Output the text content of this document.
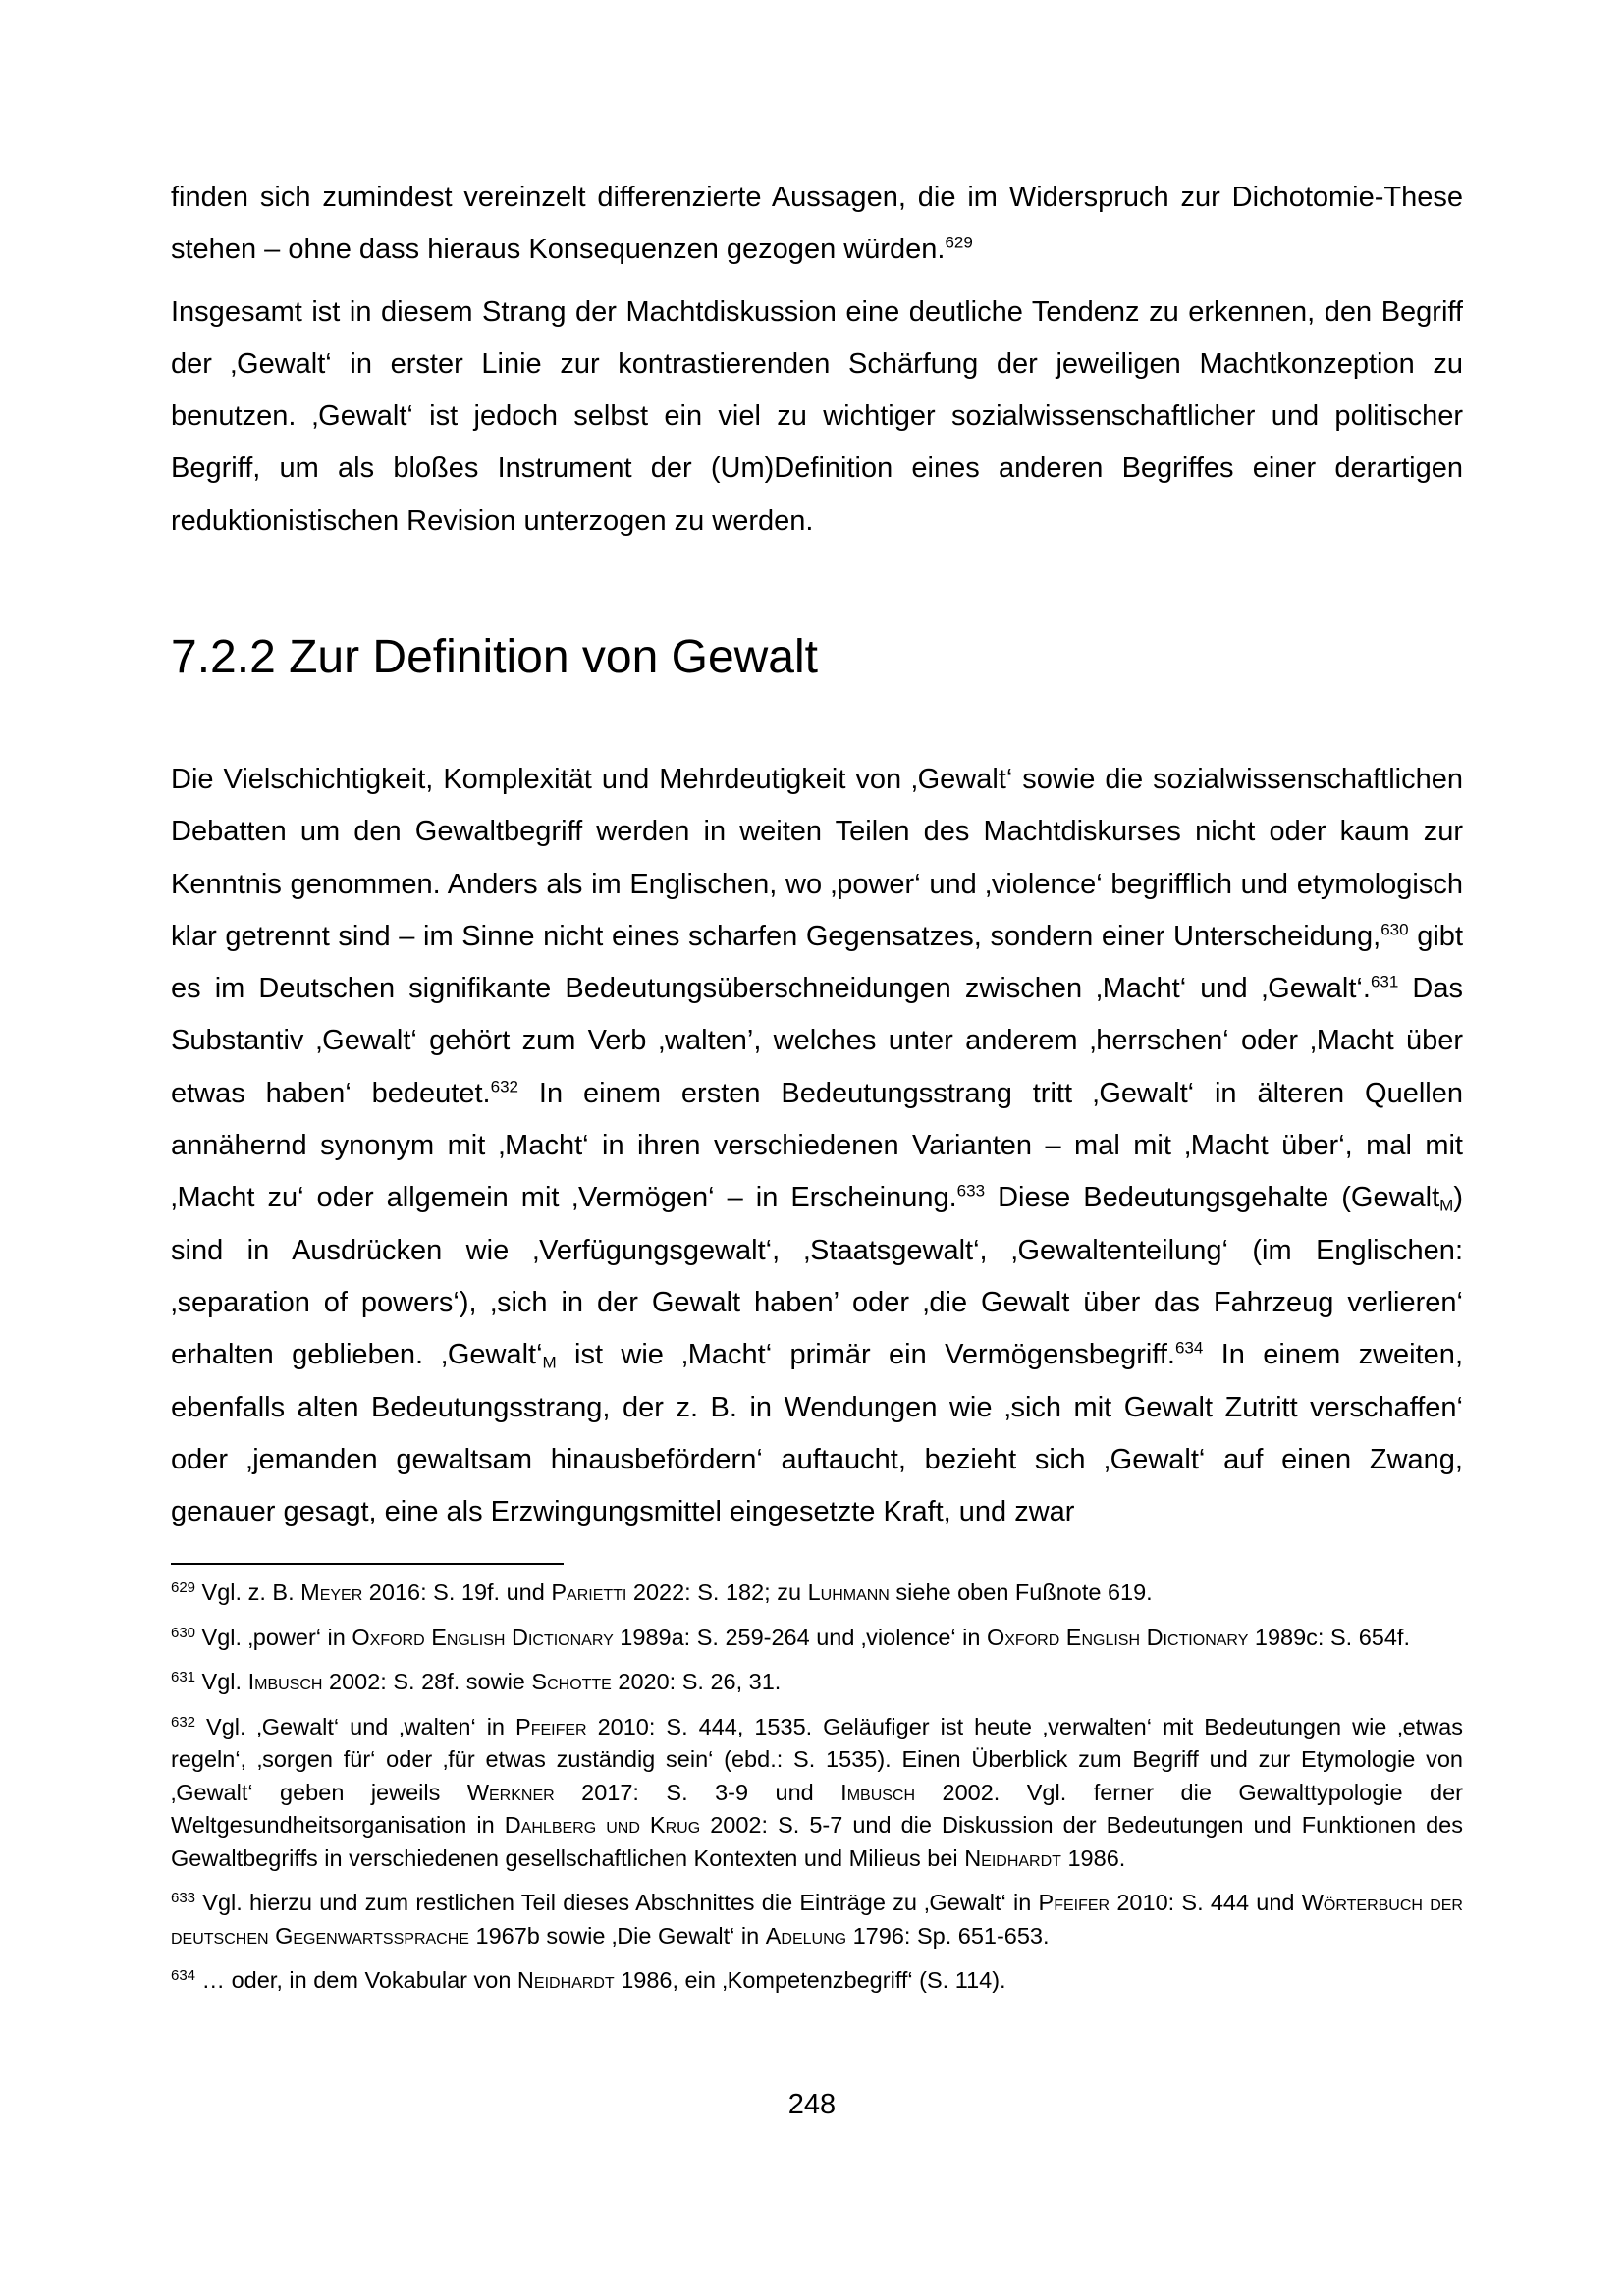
finden sich zumindest vereinzelt differenzierte Aussagen, die im Widerspruch zur Dichotomie-These stehen – ohne dass hieraus Konsequenzen gezogen würden.$^{629}$

Insgesamt ist in diesem Strang der Machtdiskussion eine deutliche Tendenz zu erkennen, den Begriff der ‚Gewalt‘ in erster Linie zur kontrastierenden Schärfung der jeweiligen Machtkonzeption zu benutzen. ‚Gewalt‘ ist jedoch selbst ein viel zu wichtiger sozialwissenschaftlicher und politischer Begriff, um als bloßes Instrument der (Um)Definition eines anderen Begriffes einer derartigen reduktionistischen Revision unterzogen zu werden.

7.2.2 Zur Definition von Gewalt

Die Vielschichtigkeit, Komplexität und Mehrdeutigkeit von ‚Gewalt‘ sowie die sozialwissenschaftlichen Debatten um den Gewaltbegriff werden in weiten Teilen des Machtdiskurses nicht oder kaum zur Kenntnis genommen. Anders als im Englischen, wo ‚power‘ und ‚violence‘ begrifflich und etymologisch klar getrennt sind – im Sinne nicht eines scharfen Gegensatzes, sondern einer Unterscheidung,$^{630}$ gibt es im Deutschen signifikante Bedeutungsüberschneidungen zwischen ‚Macht‘ und ‚Gewalt‘.$^{631}$ Das Substantiv ‚Gewalt‘ gehört zum Verb ‚walten’, welches unter anderem ‚herrschen‘ oder ‚Macht über etwas haben‘ bedeutet.$^{632}$ In einem ersten Bedeutungsstrang tritt ‚Gewalt‘ in älteren Quellen annähernd synonym mit ‚Macht‘ in ihren verschiedenen Varianten – mal mit ‚Macht über‘, mal mit ‚Macht zu‘ oder allgemein mit ‚Vermögen‘ – in Erscheinung.$^{633}$ Diese Bedeutungsgehalte (Gewalt$_M$) sind in Ausdrücken wie ‚Verfügungsgewalt‘, ‚Staatsgewalt‘, ‚Gewaltenteilung‘ (im Englischen: ‚separation of powers‘), ‚sich in der Gewalt haben’ oder ‚die Gewalt über das Fahrzeug verlieren‘ erhalten geblieben. $‚Gewalt‘_M$ ist wie ‚Macht‘ primär ein Vermögensbegriff.$^{634}$ In einem zweiten, ebenfalls alten Bedeutungsstrang, der z. B. in Wendungen wie ‚sich mit Gewalt Zutritt verschaffen‘ oder ‚jemanden gewaltsam hinausbefördern‘ auftaucht, bezieht sich ‚Gewalt‘ auf einen Zwang, genauer gesagt, eine als Erzwingungsmittel eingesetzte Kraft, und zwar

$^{629}$ Vgl. z. B. Meyer 2016: S. 19f. und Parietti 2022: S. 182; zu Luhmann siehe oben Fußnote 619.

$^{630}$ Vgl. ‚power‘ in Oxford English Dictionary 1989a: S. 259-264 und ‚violence‘ in Oxford English Dictionary 1989c: S. 654f.

$^{631}$ Vgl. Imbusch 2002: S. 28f. sowie Schotte 2020: S. 26, 31.

$^{632}$ Vgl. ‚Gewalt‘ und ‚walten‘ in Pfeifer 2010: S. 444, 1535. Geläufiger ist heute ‚verwalten‘ mit Bedeutungen wie ‚etwas regeln‘, ‚sorgen für‘ oder ‚für etwas zuständig sein‘ (ebd.: S. 1535). Einen Überblick zum Begriff und zur Etymologie von ‚Gewalt‘ geben jeweils Werkner 2017: S. 3-9 und Imbusch 2002. Vgl. ferner die Gewalttypologie der Weltgesundheitsorganisation in Dahlberg und Krug 2002: S. 5-7 und die Diskussion der Bedeutungen und Funktionen des Gewaltbegriffs in verschiedenen gesellschaftlichen Kontexten und Milieus bei Neidhardt 1986.

$^{633}$ Vgl. hierzu und zum restlichen Teil dieses Abschnittes die Einträge zu ‚Gewalt‘ in Pfeifer 2010: S. 444 und Wörterbuch der deutschen Gegenwartssprache 1967b sowie ‚Die Gewalt‘ in Adelung 1796: Sp. 651-653.

$^{634}$ … oder, in dem Vokabular von Neidhardt 1986, ein ‚Kompetenzbegriff‘ (S. 114).

248
